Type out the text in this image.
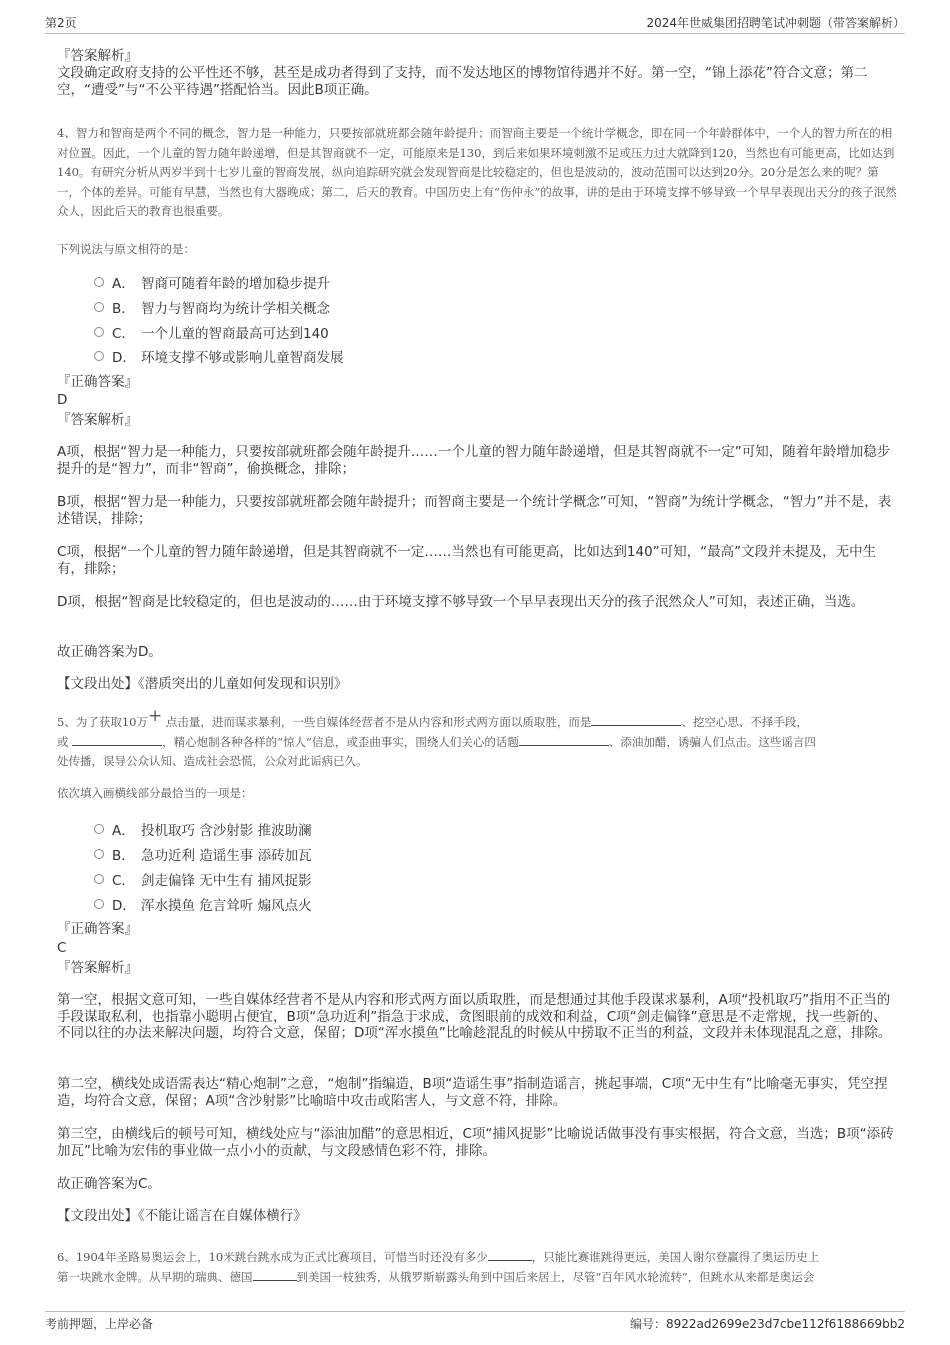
第2页	2024年世威集团招聘笔试冲刺题（带答案解析）
『答案解析』
文段确定政府支持的公平性还不够，甚至是成功者得到了支持，而不发达地区的博物馆待遇并不好。第一空，“锦上添花”符合文意；第二空，“遭受”与“不公平待遇”搭配恰当。因此B项正确。
4、智力和智商是两个不同的概念，智力是一种能力，只要按部就班都会随年龄提升；而智商主要是一个统计学概念，即在同一个年龄群体中，一个人的智力所在的相对位置。因此，一个儿童的智力随年龄递增，但是其智商就不一定，可能原来是130，到后来如果环境刺激不足或压力过大就降到120，当然也有可能更高，比如达到140。有研究分析从两岁半到十七岁儿童的智商发展，纵向追踪研究就会发现智商是比较稳定的，但也是波动的，波动范围可以达到20分。20分是怎么来的呢？第一，个体的差异。可能有早慧，当然也有大器晚成；第二，后天的教育。中国历史上有“伤仲永”的故事，讲的是由于环境支撑不够导致一个早早表现出天分的孩子泯然众人，因此后天的教育也很重要。
下列说法与原文相符的是：
A． 智商可随着年龄的增加稳步提升
B． 智力与智商均为统计学相关概念
C． 一个儿童的智商最高可达到140
D． 环境支撑不够或影响儿童智商发展
『正确答案』
D
『答案解析』
A项，根据“智力是一种能力，只要按部就班都会随年龄提升……一个儿童的智力随年龄递增，但是其智商就不一定”可知，随着年龄增加稳步提升的是“智力”，而非“智商”，偷换概念，排除；
B项，根据“智力是一种能力，只要按部就班都会随年龄提升；而智商主要是一个统计学概念”可知，“智商”为统计学概念，“智力”并不是，表述错误，排除；
C项，根据“一个儿童的智力随年龄递增，但是其智商就不一定……当然也有可能更高，比如达到140”可知，“最高”文段并未提及，无中生有，排除；
D项，根据“智商是比较稳定的，但也是波动的……由于环境支撑不够导致一个早早表现出天分的孩子泯然众人”可知，表述正确，当选。
故正确答案为D。
【文段出处】《潜质突出的儿童如何发现和识别》
5、为了获取10万+ 点击量，进而谋求暴利，一些自媒体经营者不是从内容和形式两方面以质取胜，而是	、挖空心思、不择手段，
或	，精心炮制各种各样的“惊人”信息，或歪曲事实，围绕人们关心的话题	、添油加醋，诱骗人们点击。这些谣言四
处传播，误导公众认知、造成社会恐慌，公众对此诟病已久。
依次填入画横线部分最恰当的一项是：
A． 投机取巧 含沙射影 推波助澜
B． 急功近利 造谣生事 添砖加瓦
C． 剑走偏锋 无中生有 捕风捉影
D． 浑水摸鱼 危言耸听 煽风点火
『正确答案』
C
『答案解析』
第一空，根据文意可知，一些自媒体经营者不是从内容和形式两方面以质取胜，而是想通过其他手段谋求暴利，A项“投机取巧”指用不正当的手段谋取私利，也指靠小聪明占便宜，B项“急功近利”指急于求成，贪图眼前的成效和利益，C项“剑走偏锋”意思是不走常规，找一些新的、不同以往的办法来解决问题，均符合文意，保留；D项“浑水摸鱼”比喻趁混乱的时候从中捞取不正当的利益，文段并未体现混乱之意，排除。
第二空，横线处成语需表达“精心炮制”之意，“炮制”指编造，B项“造谣生事”指制造谣言，挑起事端，C项“无中生有”比喻毫无事实，凭空捏造，均符合文意，保留；A项“含沙射影”比喻暗中攻击或陷害人，与文意不符，排除。
第三空，由横线后的顿号可知，横线处应与“添油加醋”的意思相近，C项“捕风捉影”比喻说话做事没有事实根据，符合文意，当选；B项“添砖加瓦”比喻为宏伟的事业做一点小小的贡献，与文段感情色彩不符，排除。
故正确答案为C。
【文段出处】《不能让谣言在自媒体横行》
6、1904年圣路易奥运会上，10米跳台跳水成为正式比赛项目，可惜当时还没有多少	，只能比赛谁跳得更远，美国人谢尔登赢得了奥运历史上
第一块跳水金牌。从早期的瑞典、德国	到美国一枝独秀，从俄罗斯崭露头角到中国后来居上，尽管“百年风水轮流转”，但跳水从来都是奥运会
考前押题，上岸必备	编号：8922ad2699e23d7cbe112f6188669bb2
